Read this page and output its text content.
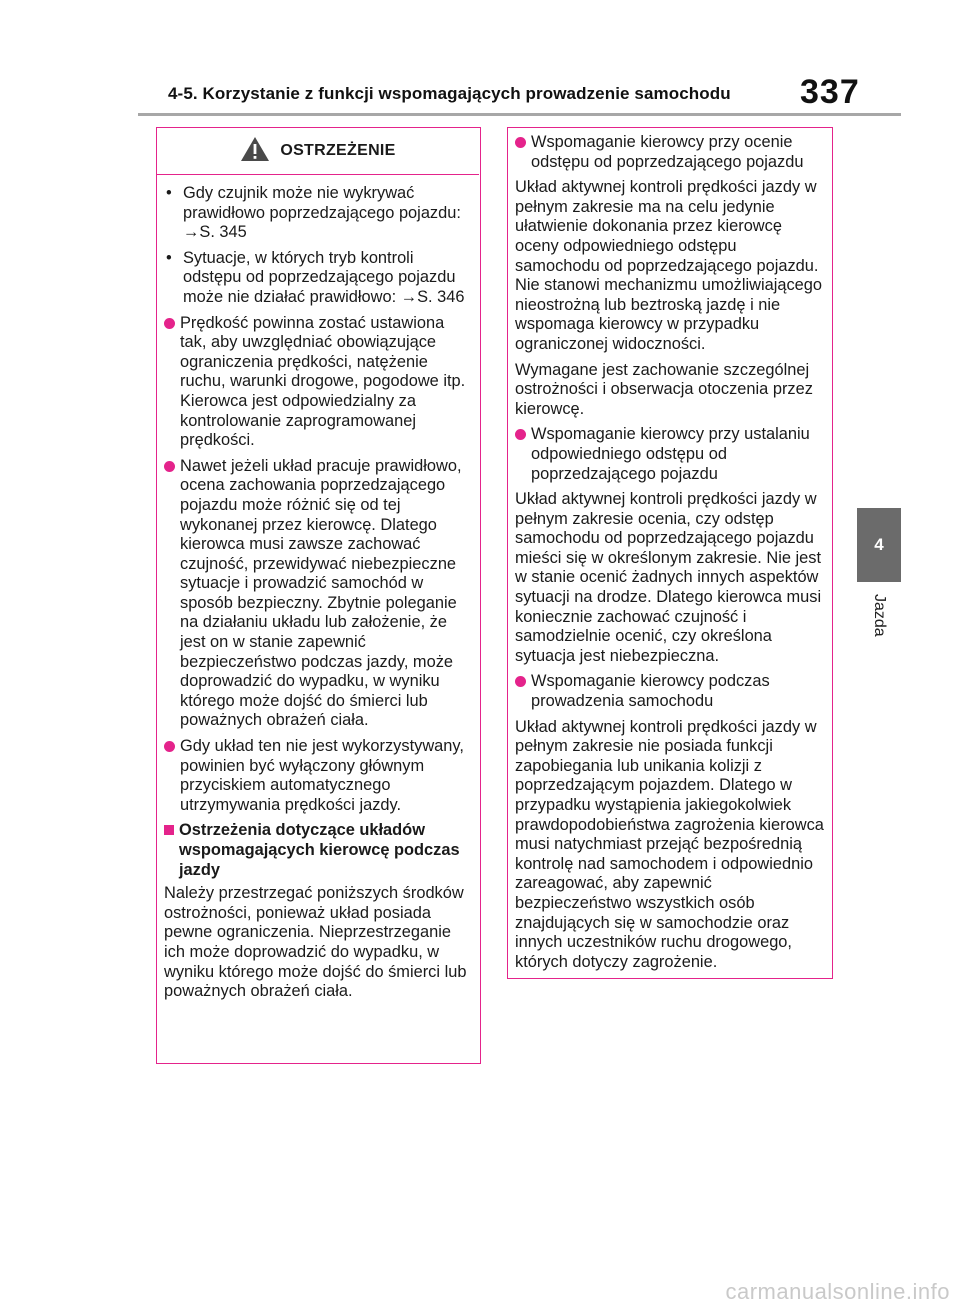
4-5. Korzystanie z funkcji wspomagających prowadzenie samochodu 337
4
Jazda
OSTRZEŻENIE
• Gdy czujnik może nie wykrywać prawidłowo poprzedzającego pojazdu: →S. 345
• Sytuacje, w których tryb kontroli odstępu od poprzedzającego pojazdu może nie działać prawidłowo: →S. 346
Prędkość powinna zostać ustawiona tak, aby uwzględniać obowiązujące ograniczenia prędkości, natężenie ruchu, warunki drogowe, pogodowe itp. Kierowca jest odpowiedzialny za kontrolowanie zaprogramowanej prędkości.
Nawet jeżeli układ pracuje prawidłowo, ocena zachowania poprzedzającego pojazdu może różnić się od tej wykonanej przez kierowcę. Dlatego kierowca musi zawsze zachować czujność, przewidywać niebezpieczne sytuacje i prowadzić samochód w sposób bezpieczny. Zbytnie poleganie na działaniu układu lub założenie, że jest on w stanie zapewnić bezpieczeństwo podczas jazdy, może doprowadzić do wypadku, w wyniku którego może dojść do śmierci lub poważnych obrażeń ciała.
Gdy układ ten nie jest wykorzystywany, powinien być wyłączony głównym przyciskiem automatycznego utrzymywania prędkości jazdy.
Ostrzeżenia dotyczące układów wspomagających kierowcę podczas jazdy

Należy przestrzegać poniższych środków ostrożności, ponieważ układ posiada pewne ograniczenia. Nieprzestrzeganie ich może doprowadzić do wypadku, w wyniku którego może dojść do śmierci lub poważnych obrażeń ciała.

Wspomaganie kierowcy przy ocenie odstępu od poprzedzającego pojazdu

Układ aktywnej kontroli prędkości jazdy w pełnym zakresie ma na celu jedynie ułatwienie dokonania przez kierowcę oceny odpowiedniego odstępu samochodu od poprzedzającego pojazdu. Nie stanowi mechanizmu umożliwiającego nieostrożną lub beztroską jazdę i nie wspomaga kierowcy w przypadku ograniczonej widoczności.

Wymagane jest zachowanie szczególnej ostrożności i obserwacja otoczenia przez kierowcę.

Wspomaganie kierowcy przy ustalaniu odpowiedniego odstępu od poprzedzającego pojazdu

Układ aktywnej kontroli prędkości jazdy w pełnym zakresie ocenia, czy odstęp samochodu od poprzedzającego pojazdu mieści się w określonym zakresie. Nie jest w stanie ocenić żadnych innych aspektów sytuacji na drodze. Dlatego kierowca musi koniecznie zachować czujność i samodzielnie ocenić, czy określona sytuacja jest niebezpieczna.

Wspomaganie kierowcy podczas prowadzenia samochodu

Układ aktywnej kontroli prędkości jazdy w pełnym zakresie nie posiada funkcji zapobiegania lub unikania kolizji z poprzedzającym pojazdem. Dlatego w przypadku wystąpienia jakiegokolwiek prawdopodobieństwa zagrożenia kierowca musi natychmiast przejąć bezpośrednią kontrolę nad samochodem i odpowiednio zareagować, aby zapewnić bezpieczeństwo wszystkich osób znajdujących się w samochodzie oraz innych uczestników ruchu drogowego, których dotyczy zagrożenie.

carmanualsonline.info
